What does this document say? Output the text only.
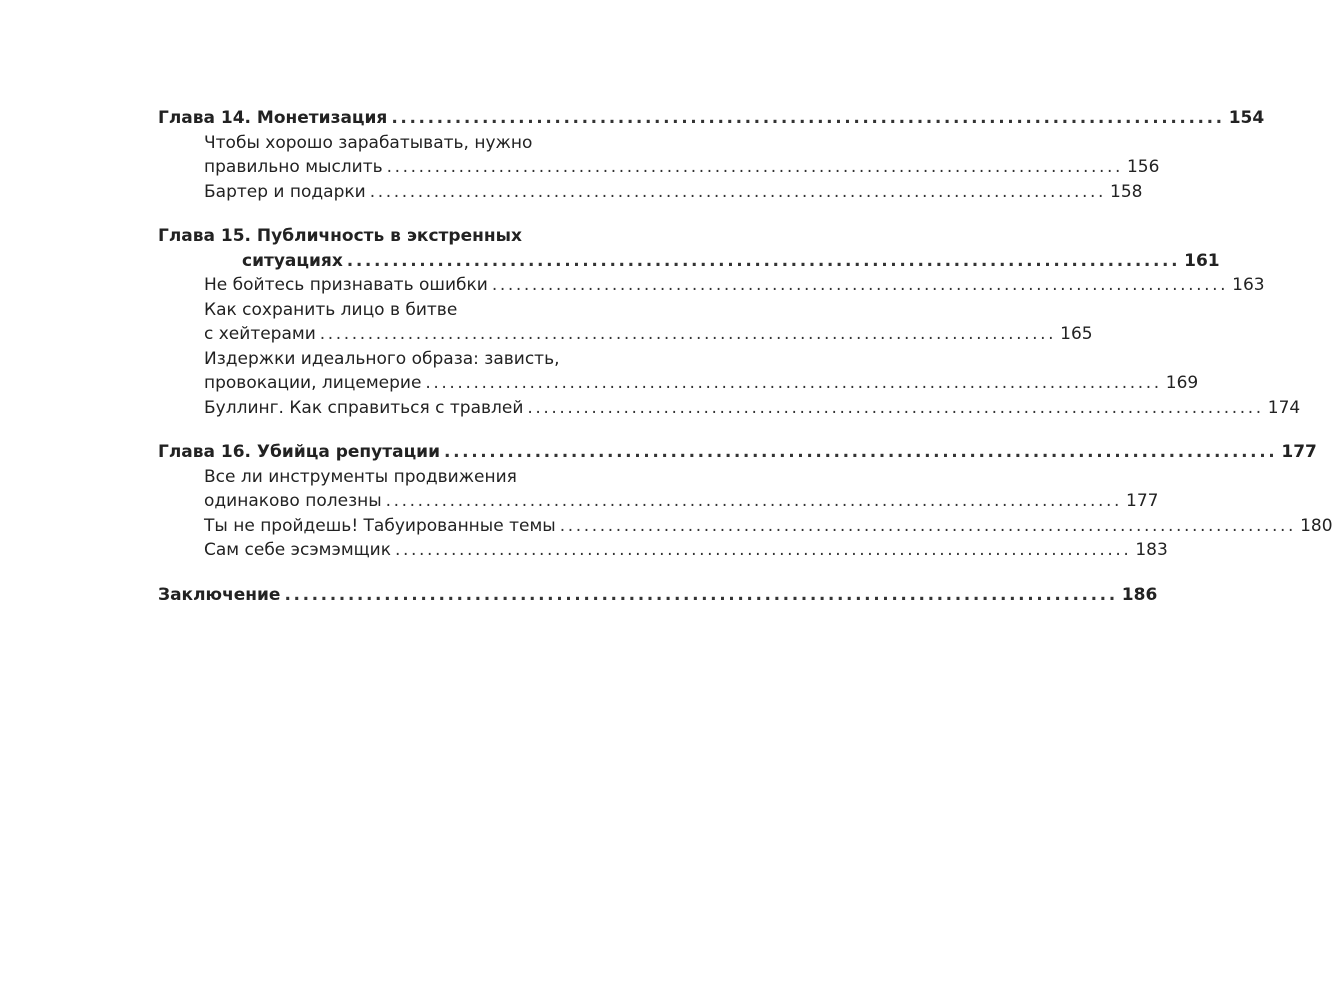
Глава 14. Монетизация ............................................................................................ 154
Чтобы хорошо зарабатывать, нужно
правильно мыслить ............................................................................................ 156
Бартер и подарки ............................................................................................ 158
Глава 15. Публичность в экстренных
ситуациях ............................................................................................ 161
Не бойтесь признавать ошибки ............................................................................................ 163
Как сохранить лицо в битве
с хейтерами ............................................................................................ 165
Издержки идеального образа: зависть,
провокации, лицемерие ............................................................................................ 169
Буллинг. Как справиться с травлей ............................................................................................ 174
Глава 16. Убийца репутации ............................................................................................ 177
Все ли инструменты продвижения
одинаково полезны ............................................................................................ 177
Ты не пройдешь! Табуированные темы ............................................................................................ 180
Сам себе эсэмэмщик ............................................................................................ 183
Заключение ............................................................................................ 186
